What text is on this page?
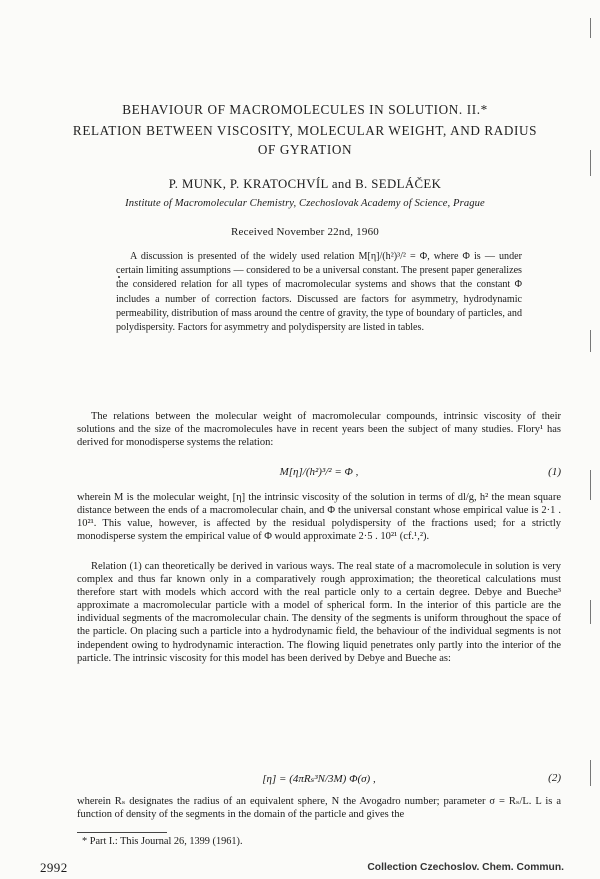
BEHAVIOUR OF MACROMOLECULES IN SOLUTION. II.*
RELATION BETWEEN VISCOSITY, MOLECULAR WEIGHT, AND RADIUS
OF GYRATION
P. MUNK, P. KRATOCHVÍL and B. SEDLÁČEK
Institute of Macromolecular Chemistry, Czechoslovak Academy of Science, Prague
Received November 22nd, 1960

A discussion is presented of the widely used relation M[η]/(h²)³/² = Φ, where Φ is — under certain limiting assumptions — considered to be a universal constant. The present paper generalizes the considered relation for all types of macromolecular systems and shows that the constant Φ includes a number of correction factors. Discussed are factors for asymmetry, hydrodynamic permeability, distribution of mass around the centre of gravity, the type of boundary of particles, and polydispersity. Factors for asymmetry and polydispersity are listed in tables.

The relations between the molecular weight of macromolecular compounds, intrinsic viscosity of their solutions and the size of the macromolecules have in recent years been the subject of many studies. Flory¹ has derived for monodisperse systems the relation:

M[η]/(h²)³/² = Φ ,	(1)

wherein M is the molecular weight, [η] the intrinsic viscosity of the solution in terms of dl/g, h² the mean square distance between the ends of a macromolecular chain, and Φ the universal constant whose empirical value is 2·1 . 10²¹. This value, however, is affected by the residual polydispersity of the fractions used; for a strictly monodisperse system the empirical value of Φ would approximate 2·5 . 10²¹ (cf.¹,²).

Relation (1) can theoretically be derived in various ways. The real state of a macromolecule in solution is very complex and thus far known only in a comparatively rough approximation; the theoretical calculations must therefore start with models which accord with the real particle only to a certain degree. Debye and Bueche³ approximate a macromolecular particle with a model of spherical form. In the interior of this particle are the individual segments of the macromolecular chain. The density of the segments is uniform throughout the space of the particle. On placing such a particle into a hydrodynamic field, the behaviour of the individual segments is not independent owing to hydrodynamic interaction. The flowing liquid penetrates only partly into the interior of the particle. The intrinsic viscosity for this model has been derived by Debye and Bueche as:

[η] = (4πRₛ³N/3M) Φ(σ) ,	(2)

wherein Rₛ designates the radius of an equivalent sphere, N the Avogadro number; parameter σ = Rₛ/L. L is a function of density of the segments in the domain of the particle and gives the

* Part I.: This Journal 26, 1399 (1961).
2992	Collection Czechoslov. Chem. Commun.
